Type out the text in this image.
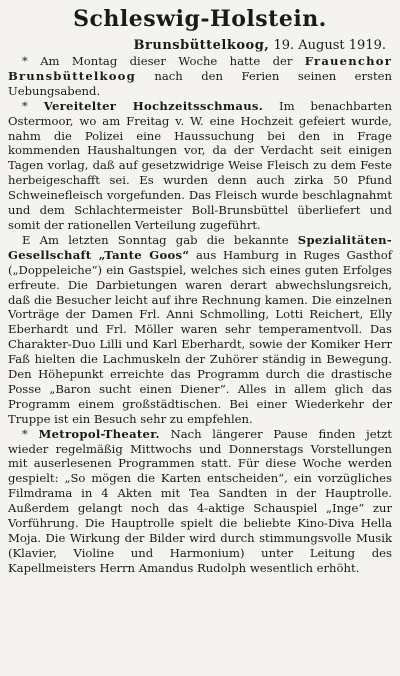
Schleswig-Holstein.
Brunsbüttelkoog, 19. August 1919.

* Am Montag dieser Woche hatte der Frauenchor Brunsbüttelkoog nach den Ferien seinen ersten Uebungsabend.

* Vereitelter Hochzeitsschmaus. Im benachbarten Ostermoor, wo am Freitag v. W. eine Hochzeit gefeiert wurde, nahm die Polizei eine Haussuchung bei den in Frage kommenden Haushaltungen vor, da der Verdacht seit einigen Tagen vorlag, daß auf gesetzwidrige Weise Fleisch zu dem Feste herbeigeschafft sei. Es wurden denn auch zirka 50 Pfund Schweinefleisch vorgefunden. Das Fleisch wurde beschlagnahmt und dem Schlachtermeister Boll-Brunsbüttel überliefert und somit der rationellen Verteilung zugeführt.

E Am letzten Sonntag gab die bekannte Spezialitäten-Gesellschaft „Tante Goos“ aus Hamburg in Ruges Gasthof („Doppeleiche“) ein Gastspiel, welches sich eines guten Erfolges erfreute. Die Darbietungen waren derart abwechslungsreich, daß die Besucher leicht auf ihre Rechnung kamen. Die einzelnen Vorträge der Damen Frl. Anni Schmolling, Lotti Reichert, Elly Eberhardt und Frl. Möller waren sehr temperamentvoll. Das Charakter-Duo Lilli und Karl Eberhardt, sowie der Komiker Herr Faß hielten die Lachmuskeln der Zuhörer ständig in Bewegung. Den Höhepunkt erreichte das Programm durch die drastische Posse „Baron sucht einen Diener“. Alles in allem glich das Programm einem großstädtischen. Bei einer Wiederkehr der Truppe ist ein Besuch sehr zu empfehlen.

* Metropol-Theater. Nach längerer Pause finden jetzt wieder regelmäßig Mittwochs und Donnerstags Vorstellungen mit auserlesenen Programmen statt. Für diese Woche werden gespielt: „So mögen die Karten entscheiden“, ein vorzügliches Filmdrama in 4 Akten mit Tea Sandten in der Hauptrolle. Außerdem gelangt noch das 4-aktige Schauspiel „Inge“ zur Vorführung. Die Hauptrolle spielt die beliebte Kino-Diva Hella Moja. Die Wirkung der Bilder wird durch stimmungsvolle Musik (Klavier, Violine und Harmonium) unter Leitung des Kapellmeisters Herrn Amandus Rudolph wesentlich erhöht.
